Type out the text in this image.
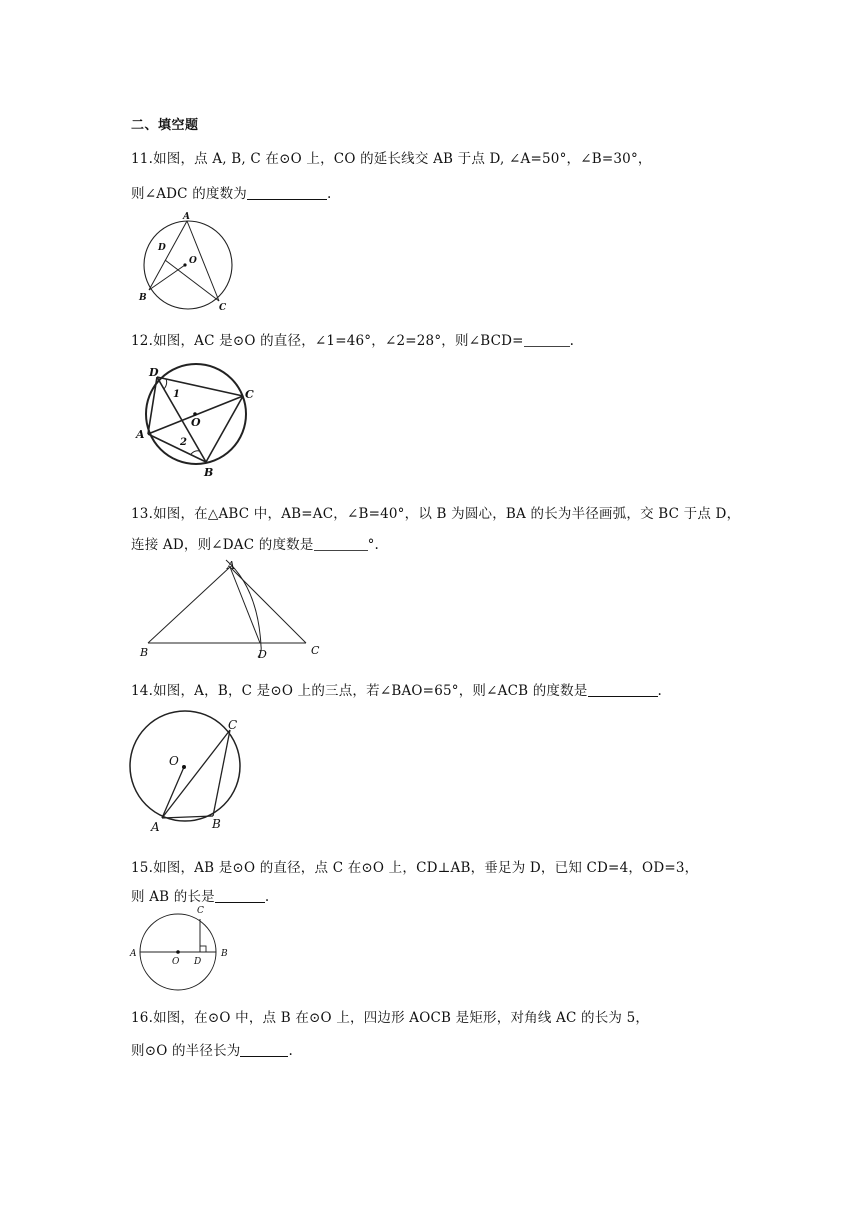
二、填空题
11.如图，点 A, B, C 在⊙O 上，CO 的延长线交 AB 于点 D, ∠A=50°，∠B=30°，
则∠ADC 的度数为	.
A
D
O
B
C
12.如图，AC 是⊙O 的直径，∠1=46°，∠2=28°，则∠BCD=	.
D
C
A
B
O
1
2
13.如图，在△ABC 中，AB=AC，∠B=40°，以 B 为圆心，BA 的长为半径画弧，交 BC 于点 D，
连接 AD，则∠DAC 的度数是	°.
A
B	D	C
14.如图，A，B，C 是⊙O 上的三点，若∠BAO=65°，则∠ACB 的度数是	.
O
C
A	B
15.如图，AB 是⊙O 的直径，点 C 在⊙O 上，CD⊥AB，垂足为 D，已知 CD=4，OD=3，
则 AB 的长是	.
C
A	B
O D
16.如图，在⊙O 中，点 B 在⊙O 上，四边形 AOCB 是矩形，对角线 AC 的长为 5，
则⊙O 的半径长为	.
